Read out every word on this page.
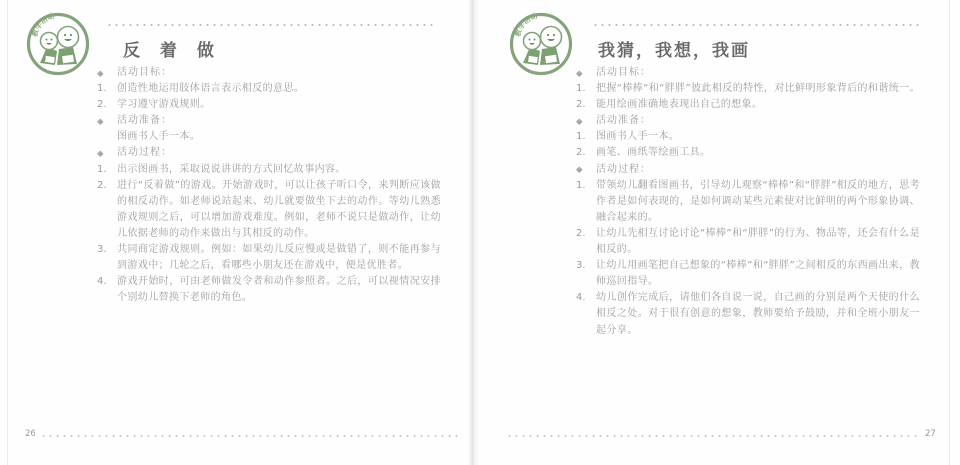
教学活动
反 着 做

◆ 活动目标：

1.	创造性地运用肢体语言表示相反的意思。

2.	学习遵守游戏规则。

◆ 活动准备：

图画书人手一本。

◆ 活动过程：

1.	出示图画书，采取说说讲讲的方式回忆故事内容。

2.	进行“反着做”的游戏。开始游戏时，可以让孩子听口令，来判断应该做的相反动作。如老师说站起来、幼儿就要做坐下去的动作。等幼儿熟悉游戏规则之后，可以增加游戏难度。例如，老师不说只是做动作，让幼儿依据老师的动作来做出与其相反的动作。

3.	共同商定游戏规则。例如：如果幼儿反应慢或是做错了，则不能再参与到游戏中；几轮之后，看哪些小朋友还在游戏中，便是优胜者。

4.	游戏开始时，可由老师做发令者和动作参照者。之后，可以视情况安排个别幼儿替换下老师的角色。

26
教学活动
我猜，我想，我画

◆ 活动目标：

1.	把握“棒棒”和“胖胖”彼此相反的特性，对比鲜明形象背后的和谐统一。

2.	能用绘画准确地表现出自己的想象。

◆ 活动准备：

1.	图画书人手一本。

2.	画笔、画纸等绘画工具。

◆ 活动过程：

1.	带领幼儿翻看图画书，引导幼儿观察“棒棒”和“胖胖”相反的地方，思考作者是如何表现的，是如何调动某些元素使对比鲜明的两个形象协调、融合起来的。

2.	让幼儿先相互讨论讨论“棒棒”和“胖胖”的行为、物品等，还会有什么是相反的。

3.	让幼儿用画笔把自己想象的“棒棒”和“胖胖”之间相反的东西画出来，教师巡回指导。

4.	幼儿创作完成后，请他们各自说一说，自己画的分别是两个天使的什么相反之处。对于很有创意的想象，教师要给予鼓励，并和全班小朋友一起分享。

27
